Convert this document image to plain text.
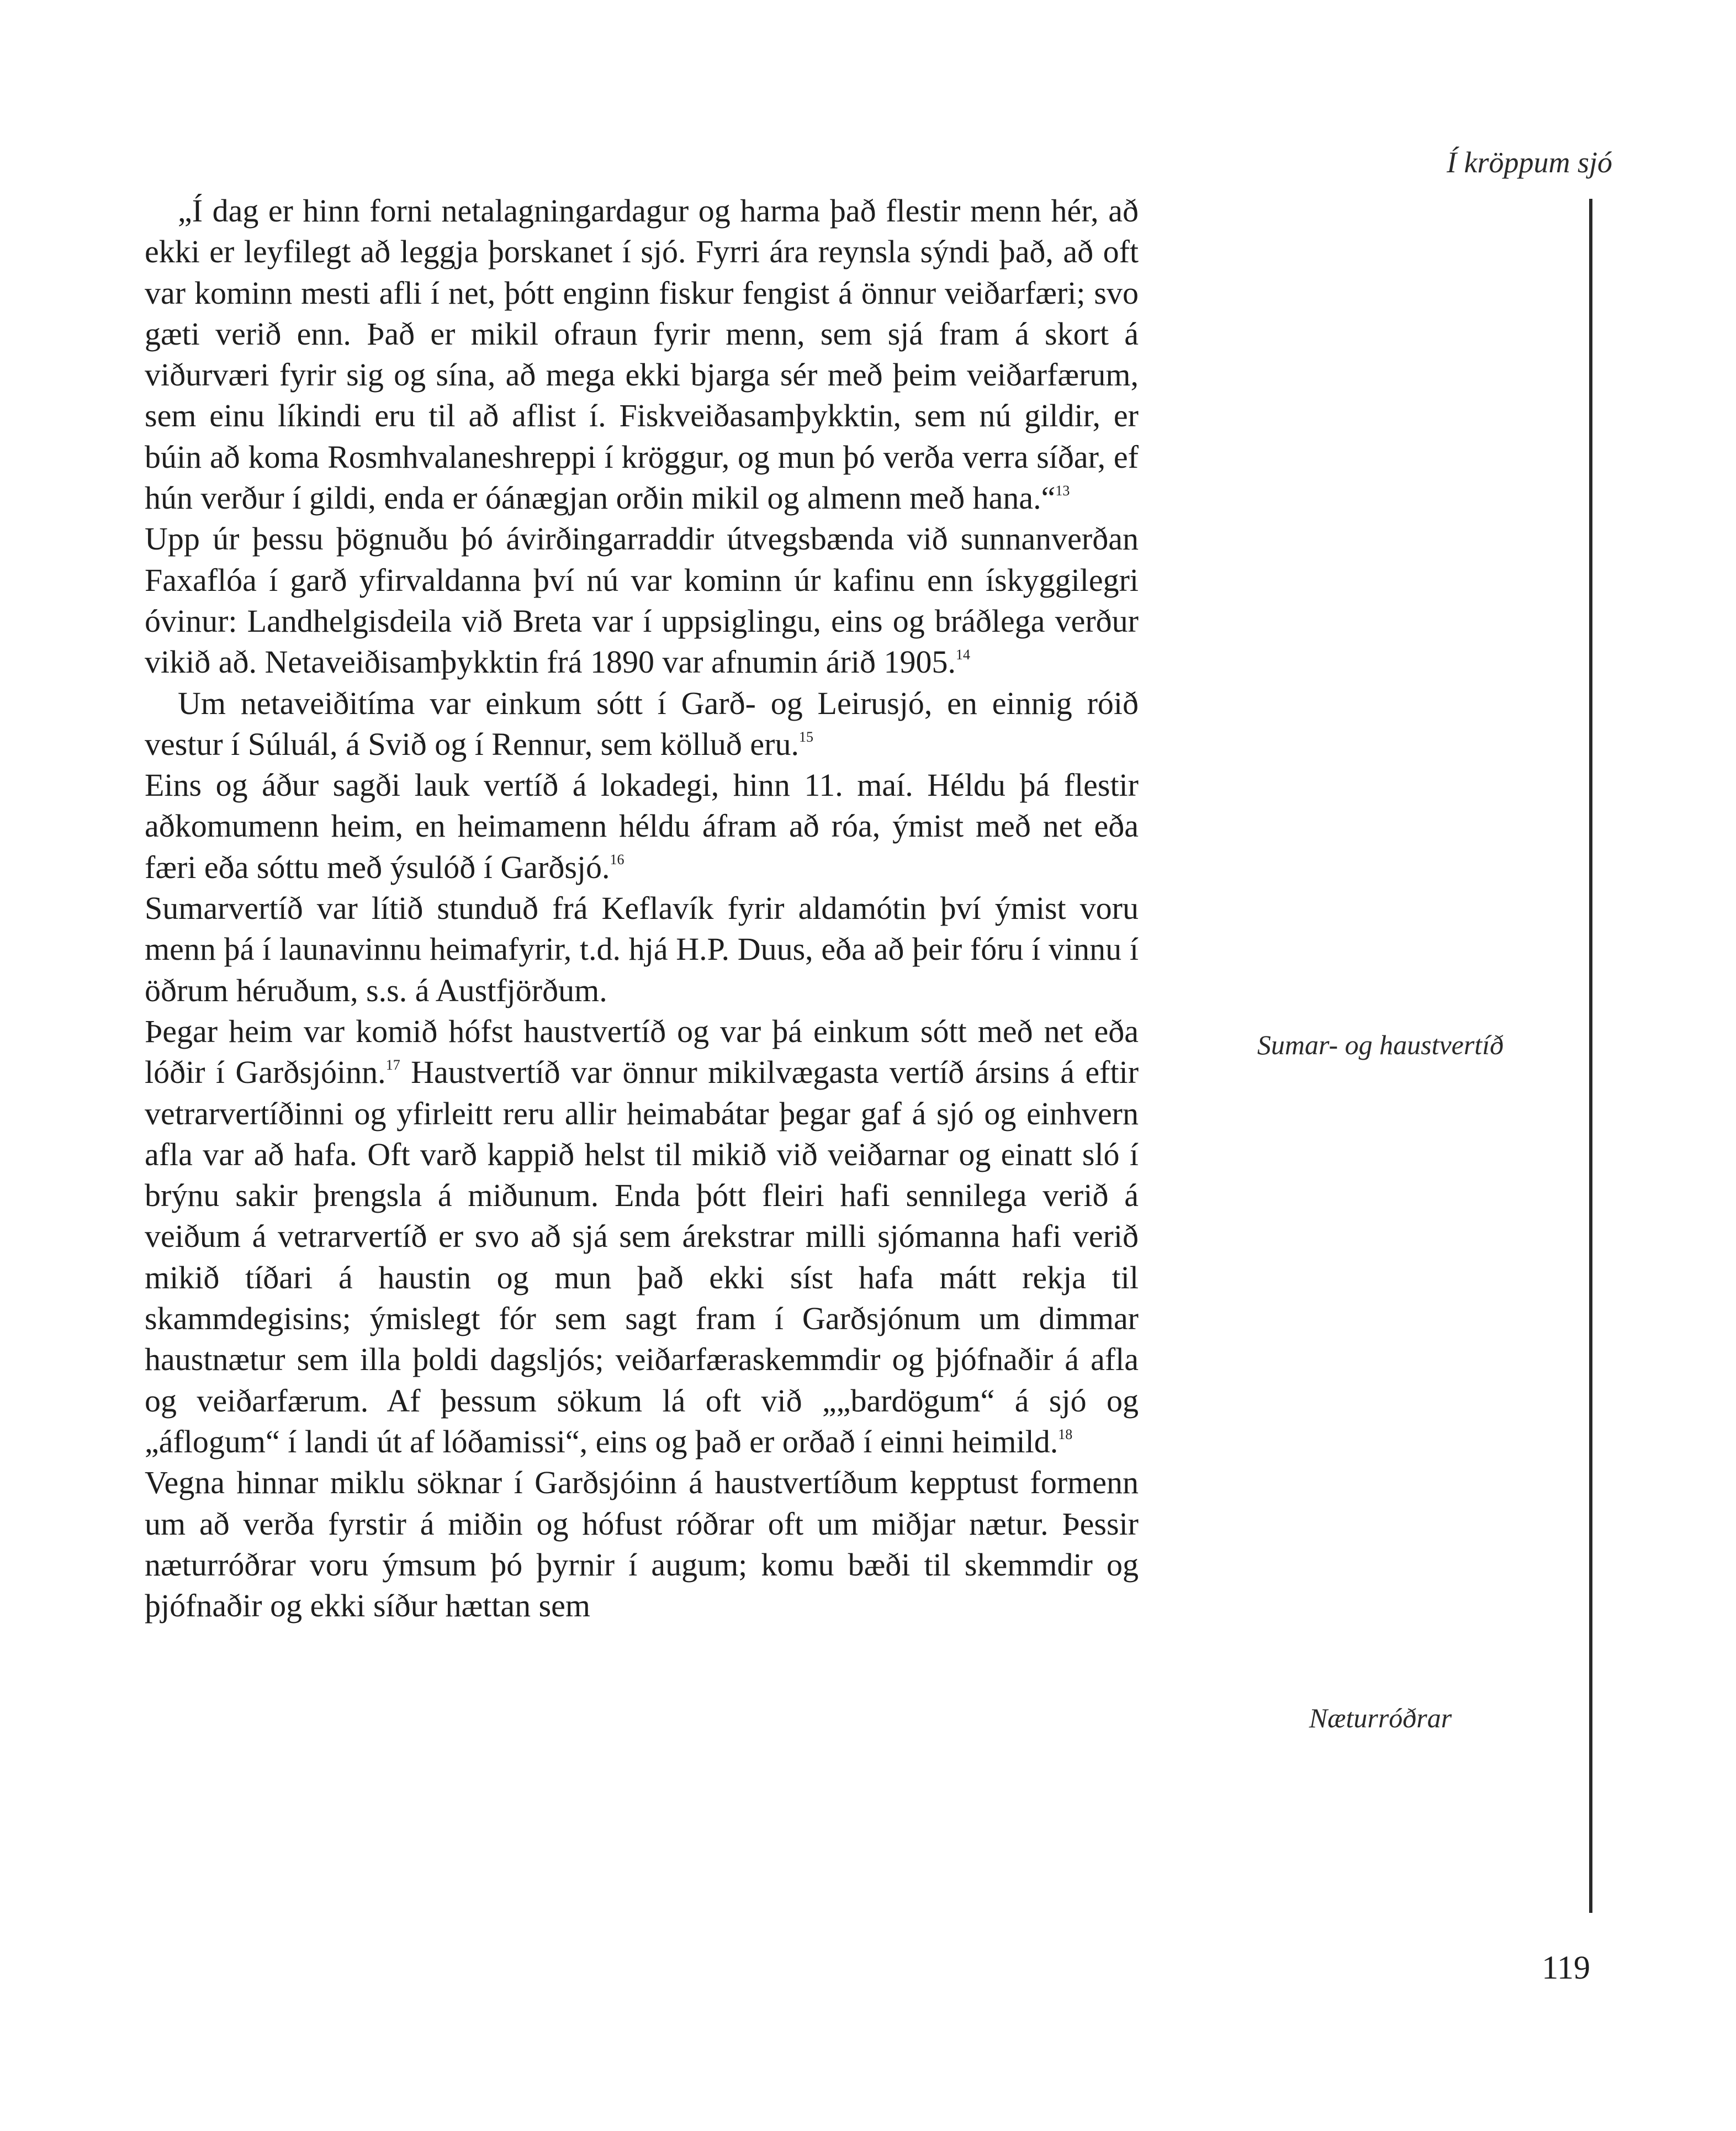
Í kröppum sjó

„Í dag er hinn forni netalagningardagur og harma það flestir menn hér, að ekki er leyfilegt að leggja þorskanet í sjó. Fyrri ára reynsla sýndi það, að oft var kominn mesti afli í net, þótt enginn fiskur fengist á önnur veiðarfæri; svo gæti verið enn. Það er mikil ofraun fyrir menn, sem sjá fram á skort á viðurværi fyrir sig og sína, að mega ekki bjarga sér með þeim veiðarfærum, sem einu líkindi eru til að aflist í. Fiskveiðasamþykktin, sem nú gildir, er búin að koma Rosmhvalaneshreppi í kröggur, og mun þó verða verra síðar, ef hún verður í gildi, enda er óánægjan orðin mikil og almenn með hana.“$^{13}$

Upp úr þessu þögnuðu þó ávirðingarraddir útvegsbænda við sunnanverðan Faxaflóa í garð yfirvaldanna því nú var kominn úr kafinu enn ískyggilegri óvinur: Landhelgisdeila við Breta var í uppsiglingu, eins og bráðlega verður vikið að. Netaveiðisamþykktin frá 1890 var afnumin árið 1905.14

Um netaveiðitíma var einkum sótt í Garð- og Leirusjó, en einnig róið vestur í Súluál, á Svið og í Rennur, sem kölluð eru.$^{15}$

Eins og áður sagði lauk vertíð á lokadegi, hinn 11. maí. Héldu þá flestir aðkomumenn heim, en heimamenn héldu áfram að róa, ýmist með net eða færi eða sóttu með ýsulóð í Garðsjó.$^{16}$

Sumarvertíð var lítið stunduð frá Keflavík fyrir aldamótin því ýmist voru menn þá í launavinnu heimafyrir, t.d. hjá H.P. Duus, eða að þeir fóru í vinnu í öðrum héruðum, s.s. á Austfjörðum.

Þegar heim var komið hófst haustvertíð og var þá einkum sótt með net eða lóðir í Garðsjóinn.$^{17}$ Haustvertíð var önnur mikilvægasta vertíð ársins á eftir vetrarvertíðinni og yfirleitt reru allir heimabátar þegar gaf á sjó og einhvern afla var að hafa. Oft varð kappið helst til mikið við veiðarnar og einatt sló í brýnu sakir þrengsla á miðunum. Enda þótt fleiri hafi sennilega verið á veiðum á vetrarvertíð er svo að sjá sem árekstrar milli sjómanna hafi verið mikið tíðari á haustin og mun það ekki síst hafa mátt rekja til skammdegisins; ýmislegt fór sem sagt fram í Garðsjónum um dimmar haustnætur sem illa þoldi dagsljós; veiðarfæraskemmdir og þjófnaðir á afla og veiðarfærum. Af þessum sökum lá oft við „„bardögum“ á sjó og „áflogum“ í landi út af lóðamissi“, eins og það er orðað í einni heimild.$^{18}$

Vegna hinnar miklu söknar í Garðsjóinn á haustvertíðum kepptust formenn um að verða fyrstir á miðin og hófust róðrar oft um miðjar nætur. Þessir næturróðrar voru ýmsum þó þyrnir í augum; komu bæði til skemmdir og þjófnaðir og ekki síður hættan sem

Sumar- og haustvertíð
Næturróðrar
119
